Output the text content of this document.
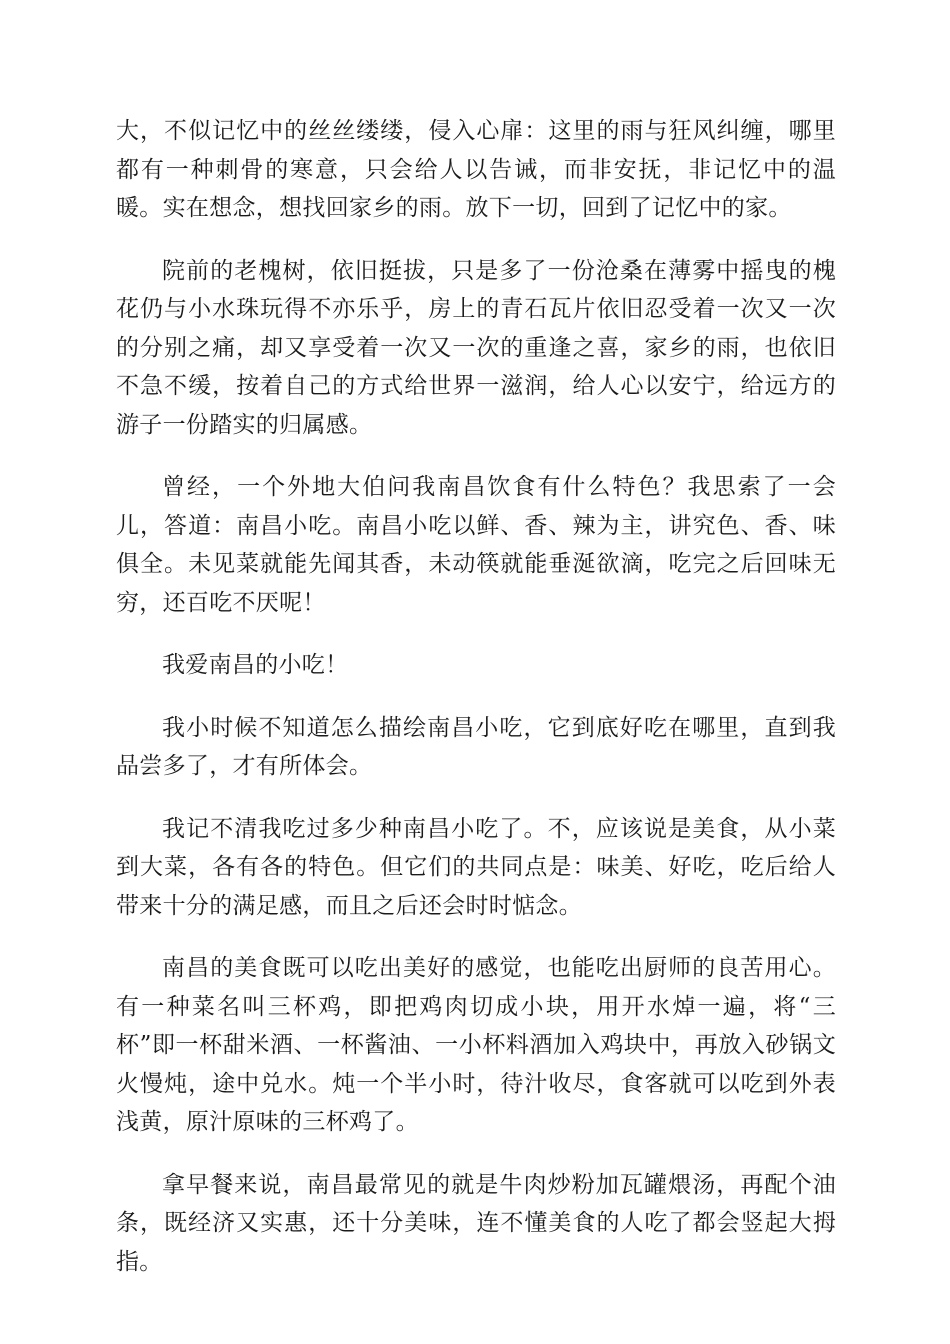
大，不似记忆中的丝丝缕缕，侵入心扉：这里的雨与狂风纠缠，哪里都有一种刺骨的寒意，只会给人以告诫，而非安抚，非记忆中的温暖。实在想念，想找回家乡的雨。放下一切，回到了记忆中的家。

院前的老槐树，依旧挺拔，只是多了一份沧桑在薄雾中摇曳的槐花仍与小水珠玩得不亦乐乎，房上的青石瓦片依旧忍受着一次又一次的分别之痛，却又享受着一次又一次的重逢之喜，家乡的雨，也依旧不急不缓，按着自己的方式给世界一滋润，给人心以安宁，给远方的游子一份踏实的归属感。

曾经，一个外地大伯问我南昌饮食有什么特色？我思索了一会儿，答道：南昌小吃。南昌小吃以鲜、香、辣为主，讲究色、香、味俱全。未见菜就能先闻其香，未动筷就能垂涎欲滴，吃完之后回味无穷，还百吃不厌呢！

我爱南昌的小吃！

我小时候不知道怎么描绘南昌小吃，它到底好吃在哪里，直到我品尝多了，才有所体会。

我记不清我吃过多少种南昌小吃了。不，应该说是美食，从小菜到大菜，各有各的特色。但它们的共同点是：味美、好吃，吃后给人带来十分的满足感，而且之后还会时时惦念。

南昌的美食既可以吃出美好的感觉，也能吃出厨师的良苦用心。有一种菜名叫三杯鸡，即把鸡肉切成小块，用开水焯一遍，将“三杯”即一杯甜米酒、一杯酱油、一小杯料酒加入鸡块中，再放入砂锅文火慢炖，途中兑水。炖一个半小时，待汁收尽，食客就可以吃到外表浅黄，原汁原味的三杯鸡了。

拿早餐来说，南昌最常见的就是牛肉炒粉加瓦罐煨汤，再配个油条，既经济又实惠，还十分美味，连不懂美食的人吃了都会竖起大拇指。
